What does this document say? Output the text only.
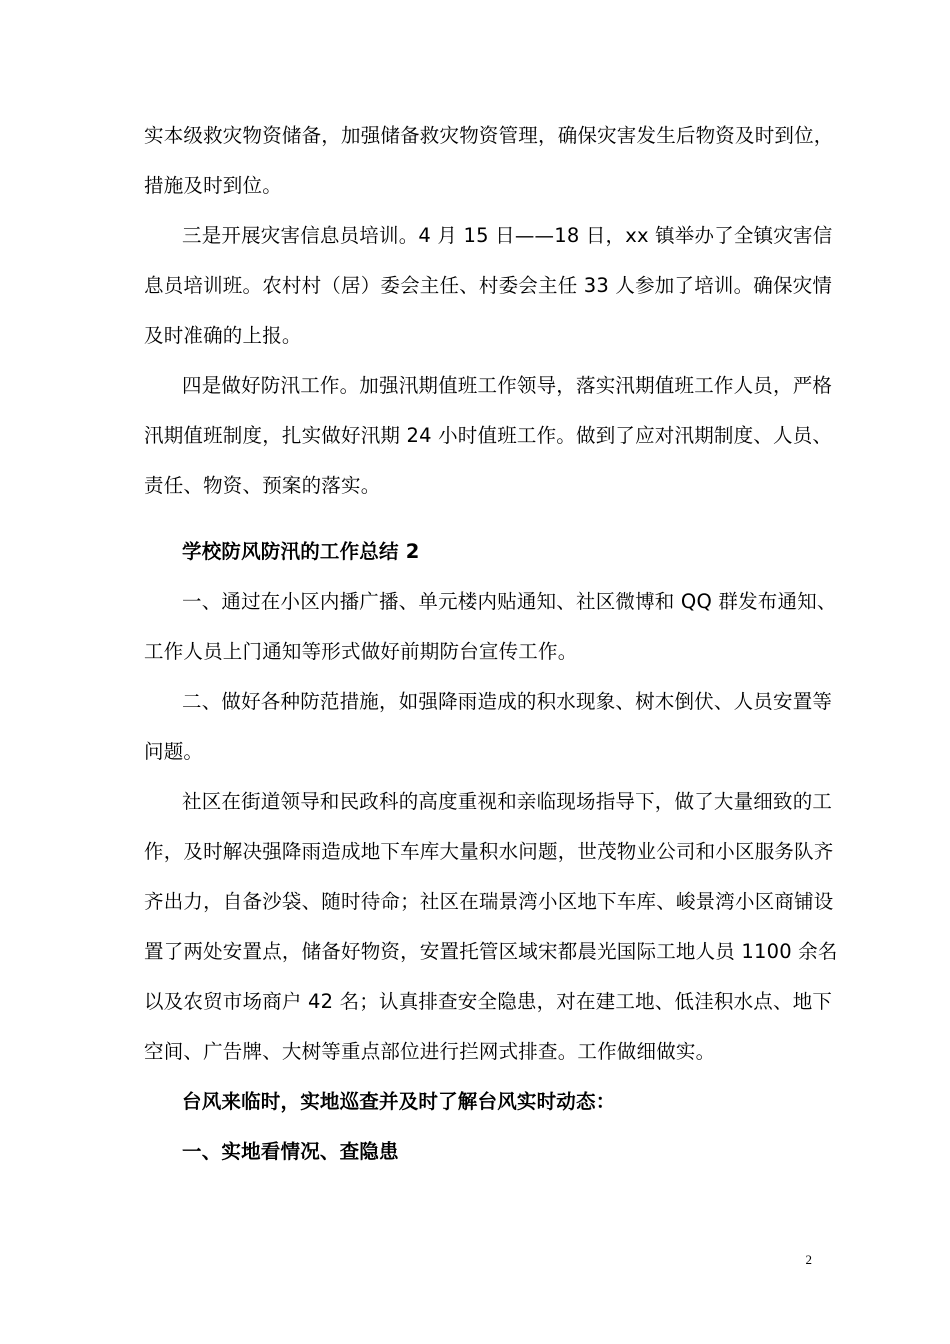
实本级救灾物资储备，加强储备救灾物资管理，确保灾害发生后物资及时到位，
措施及时到位。
三是开展灾害信息员培训。4 月 15 日——18 日，xx 镇举办了全镇灾害信
息员培训班。农村村（居）委会主任、村委会主任 33 人参加了培训。确保灾情
及时准确的上报。
四是做好防汛工作。加强汛期值班工作领导，落实汛期值班工作人员，严格
汛期值班制度，扎实做好汛期 24 小时值班工作。做到了应对汛期制度、人员、
责任、物资、预案的落实。
学校防风防汛的工作总结 2
一、通过在小区内播广播、单元楼内贴通知、社区微博和 QQ 群发布通知、
工作人员上门通知等形式做好前期防台宣传工作。
二、做好各种防范措施，如强降雨造成的积水现象、树木倒伏、人员安置等
问题。
社区在街道领导和民政科的高度重视和亲临现场指导下，做了大量细致的工
作，及时解决强降雨造成地下车库大量积水问题，世茂物业公司和小区服务队齐
齐出力，自备沙袋、随时待命；社区在瑞景湾小区地下车库、峻景湾小区商铺设
置了两处安置点，储备好物资，安置托管区域宋都晨光国际工地人员 1100 余名
以及农贸市场商户 42 名；认真排查安全隐患，对在建工地、低洼积水点、地下
空间、广告牌、大树等重点部位进行拦网式排查。工作做细做实。
台风来临时，实地巡查并及时了解台风实时动态：
一、实地看情况、查隐患
2
